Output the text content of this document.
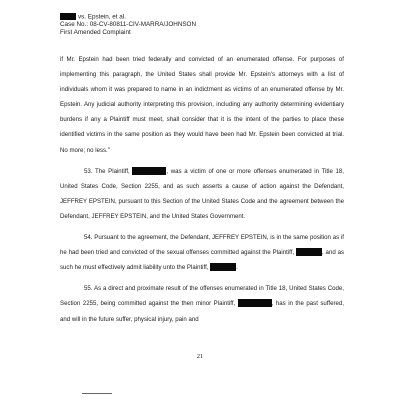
vs. Epstein, et al.
Case No.: 08-CV-80811-CIV-MARRA/JOHNSON
First Amended Complaint

if Mr. Epstein had been tried federally and convicted of an enumerated offense. For purposes of implementing this paragraph, the United States shall provide Mr. Epstein's attorneys with a list of individuals whom it was prepared to name in an indictment as victims of an enumerated offense by Mr. Epstein. Any judicial authority interpreting this provision, including any authority determining evidentiary burdens if any a Plaintiff must meet, shall consider that it is the intent of the parties to place these identified victims in the same position as they would have been had Mr. Epstein been convicted at trial. No more; no less."

53. The Plaintiff,	, was a victim of one or more offenses enumerated in Title 18, United States Code, Section 2255, and as such asserts a cause of action against the Defendant, JEFFREY EPSTEIN, pursuant to this Section of the United States Code and the agreement between the Defendant, JEFFREY EPSTEIN, and the United States Government.

54. Pursuant to the agreement, the Defendant, JEFFREY EPSTEIN, is in the same position as if he had been tried and convicted of the sexual offenses committed against the Plaintiff,	, and as such he must effectively admit liability unto the Plaintiff,	.

55. As a direct and proximate result of the offenses enumerated in Title 18, United States Code, Section 2255, being committed against the then minor Plaintiff,	, has in the past suffered, and will in the future suffer, physical injury, pain and

21
